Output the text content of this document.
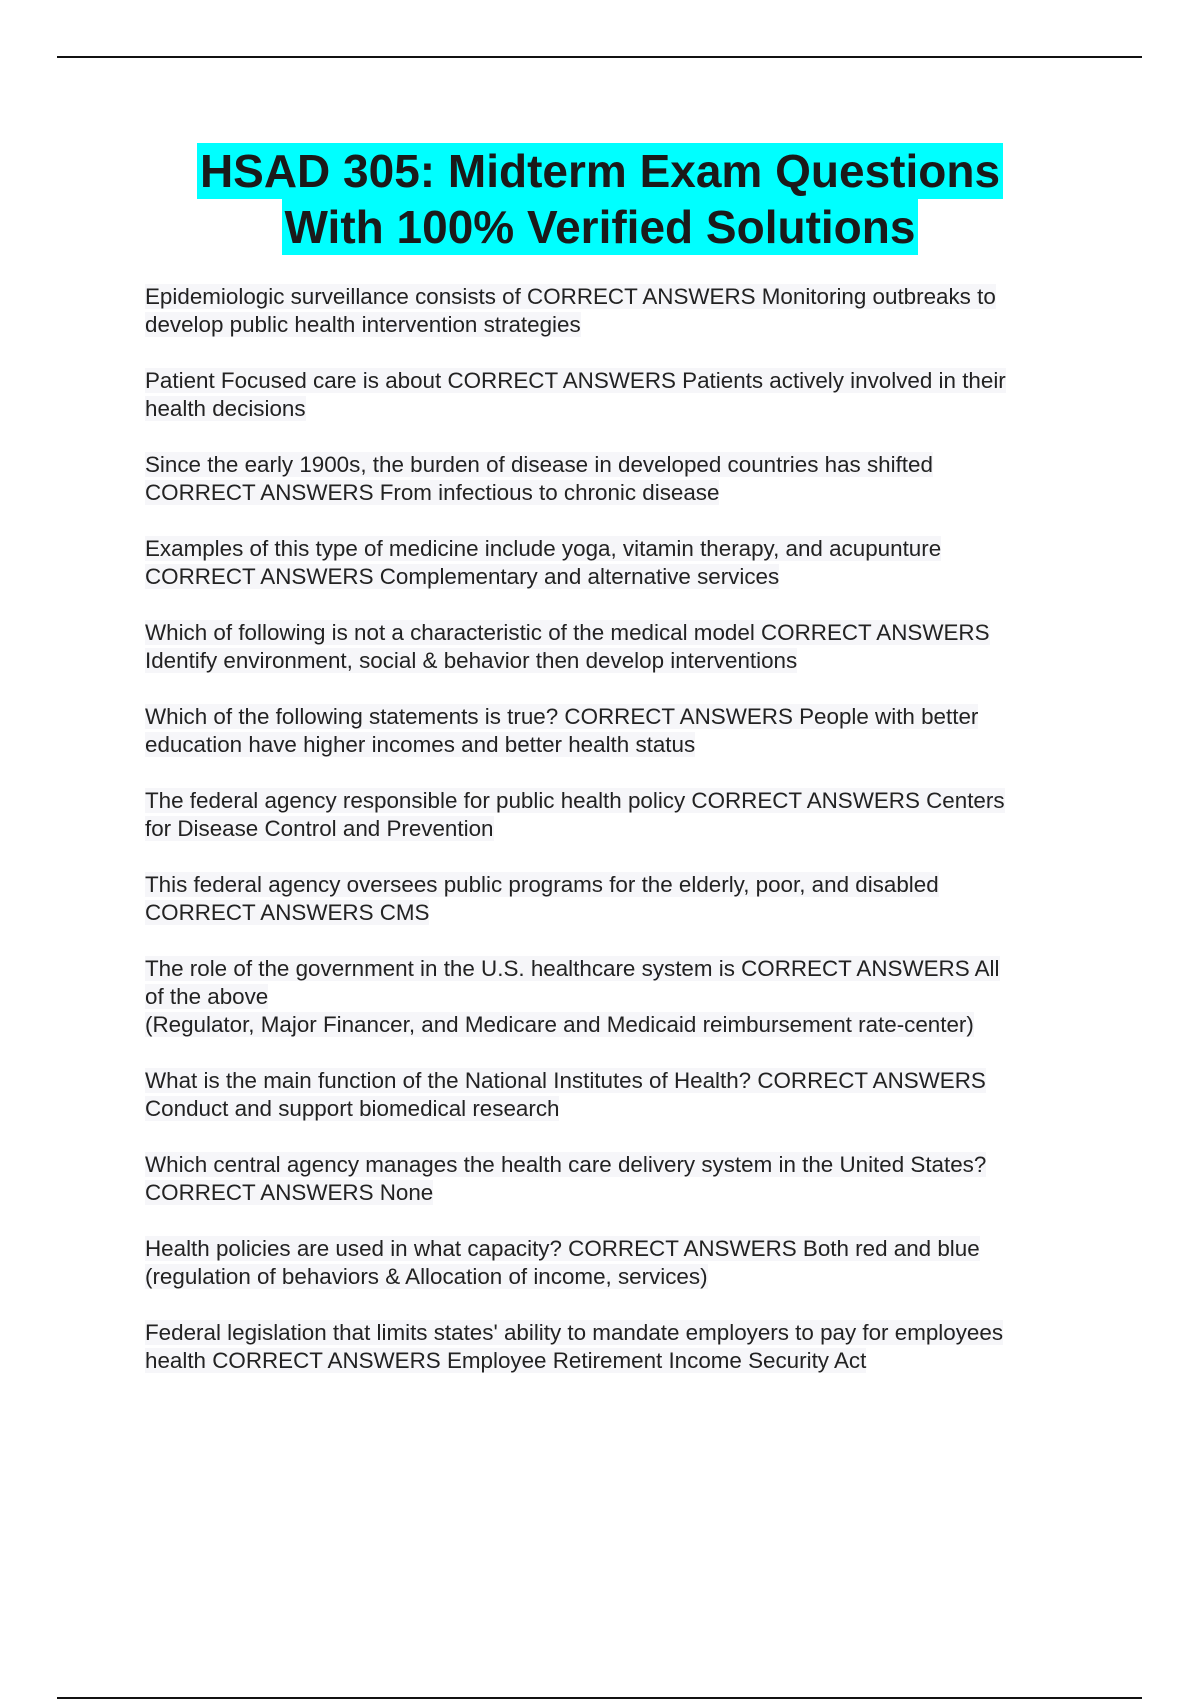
HSAD 305: Midterm Exam Questions
With 100% Verified Solutions
Epidemiologic surveillance consists of CORRECT ANSWERS Monitoring outbreaks to
develop public health intervention strategies
Patient Focused care is about CORRECT ANSWERS Patients actively involved in their
health decisions
Since the early 1900s, the burden of disease in developed countries has shifted
CORRECT ANSWERS From infectious to chronic disease
Examples of this type of medicine include yoga, vitamin therapy, and acupunture
CORRECT ANSWERS Complementary and alternative services
Which of following is not a characteristic of the medical model CORRECT ANSWERS
Identify environment, social & behavior then develop interventions
Which of the following statements is true? CORRECT ANSWERS People with better
education have higher incomes and better health status
The federal agency responsible for public health policy CORRECT ANSWERS Centers
for Disease Control and Prevention
This federal agency oversees public programs for the elderly, poor, and disabled
CORRECT ANSWERS CMS
The role of the government in the U.S. healthcare system is CORRECT ANSWERS All
of the above
(Regulator, Major Financer, and Medicare and Medicaid reimbursement rate-center)
What is the main function of the National Institutes of Health? CORRECT ANSWERS
Conduct and support biomedical research
Which central agency manages the health care delivery system in the United States?
CORRECT ANSWERS None
Health policies are used in what capacity? CORRECT ANSWERS Both red and blue
(regulation of behaviors & Allocation of income, services)
Federal legislation that limits states' ability to mandate employers to pay for employees
health CORRECT ANSWERS Employee Retirement Income Security Act
